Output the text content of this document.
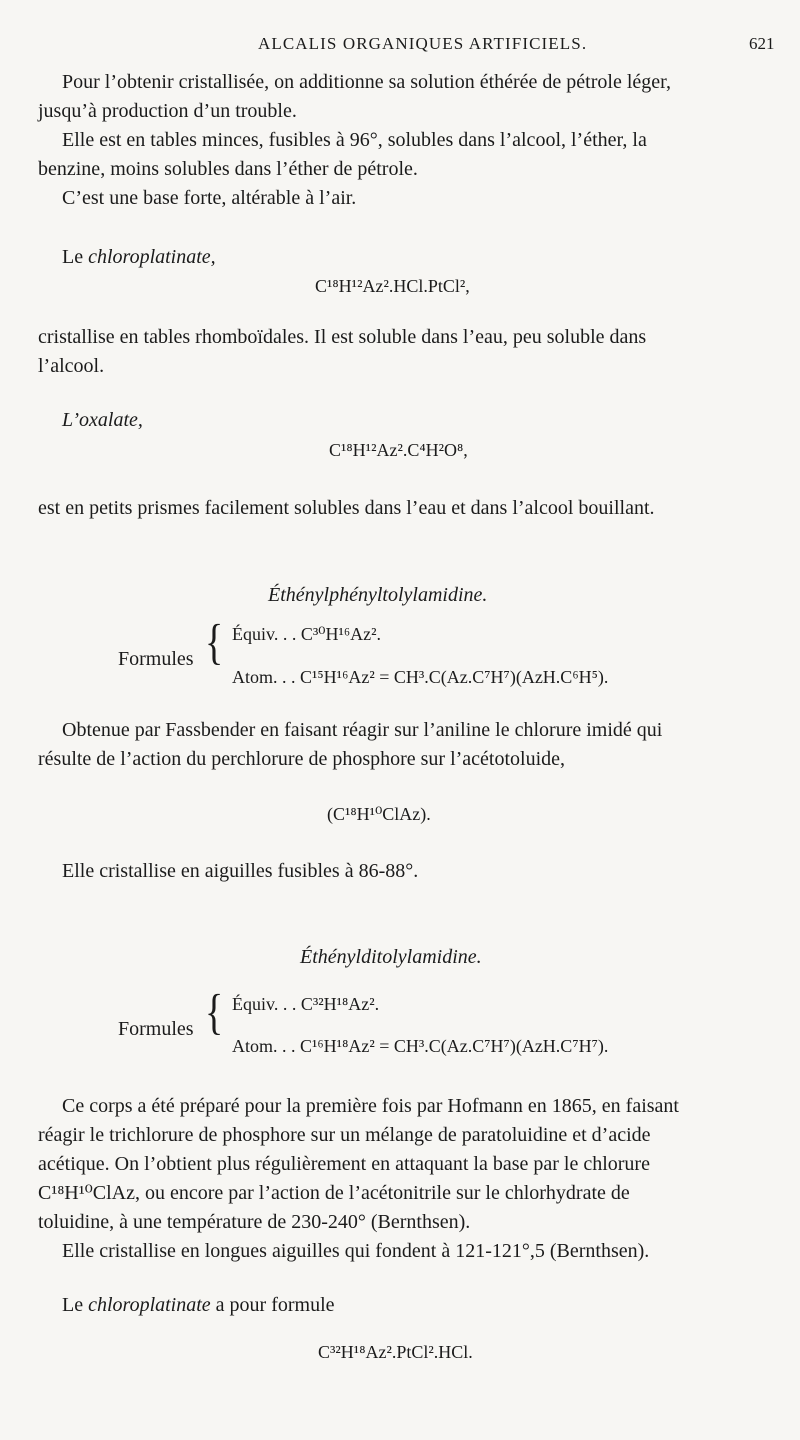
ALCALIS ORGANIQUES ARTIFICIELS.	621
Pour l’obtenir cristallisée, on additionne sa solution éthérée de pétrole léger,
jusqu’à production d’un trouble.
Elle est en tables minces, fusibles à 96°, solubles dans l’alcool, l’éther, la
benzine, moins solubles dans l’éther de pétrole.
C’est une base forte, altérable à l’air.
Le chloroplatinate,
C¹⁸H¹²Az².HCl.PtCl²,
cristallise en tables rhomboïdales. Il est soluble dans l’eau, peu soluble dans
l’alcool.
L’oxalate,
C¹⁸H¹²Az².C⁴H²O⁸,
est en petits prismes facilement solubles dans l’eau et dans l’alcool bouillant.
Éthénylphényltolylamidine.
Formules { Équiv. . . C³⁰H¹⁶Az².
Atom. . . C¹⁵H¹⁶Az² = CH³.C(Az.C⁷H⁷)(AzH.C⁶H⁵).
Obtenue par Fassbender en faisant réagir sur l’aniline le chlorure imidé qui
résulte de l’action du perchlorure de phosphore sur l’acétotoluide,
(C¹⁸H¹⁰ClAz).
Elle cristallise en aiguilles fusibles à 86-88°.
Éthénylditolylamidine.
Formules { Équiv. . . C³²H¹⁸Az².
Atom. . . C¹⁶H¹⁸Az² = CH³.C(Az.C⁷H⁷)(AzH.C⁷H⁷).
Ce corps a été préparé pour la première fois par Hofmann en 1865, en faisant
réagir le trichlorure de phosphore sur un mélange de paratoluidine et d’acide
acétique. On l’obtient plus régulièrement en attaquant la base par le chlorure
C¹⁸H¹⁰ClAz, ou encore par l’action de l’acétonitrile sur le chlorhydrate de
toluidine, à une température de 230-240° (Bernthsen).
Elle cristallise en longues aiguilles qui fondent à 121-121°,5 (Bernthsen).
Le chloroplatinate a pour formule
C³²H¹⁸Az².PtCl².HCl.
